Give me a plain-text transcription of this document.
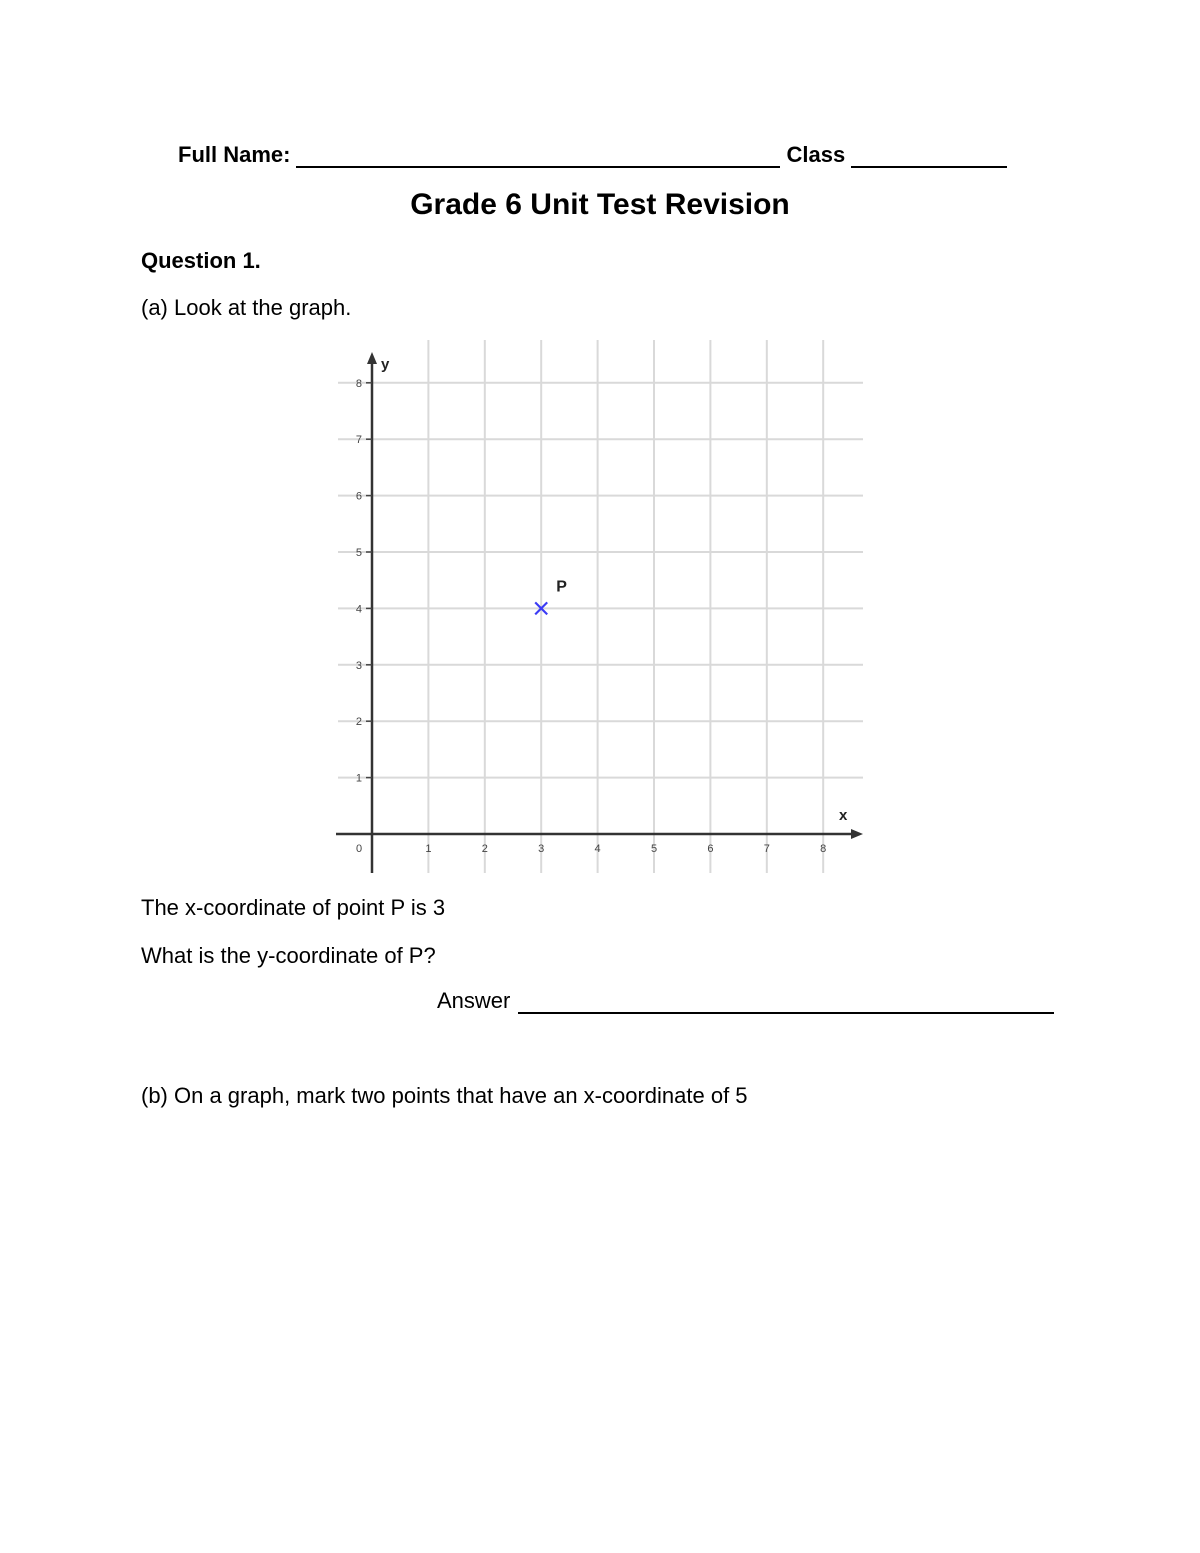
Full Name:	Class
Grade 6 Unit Test Revision
Question 1.
(a) Look at the graph.
x
y
0	1	2	3	4	5	6	7	8
1
2
3
4
5
6
7
8
P
The x-coordinate of point P is 3
What is the y-coordinate of P?
Answer
(b) On a graph, mark two points that have an x-coordinate of 5
